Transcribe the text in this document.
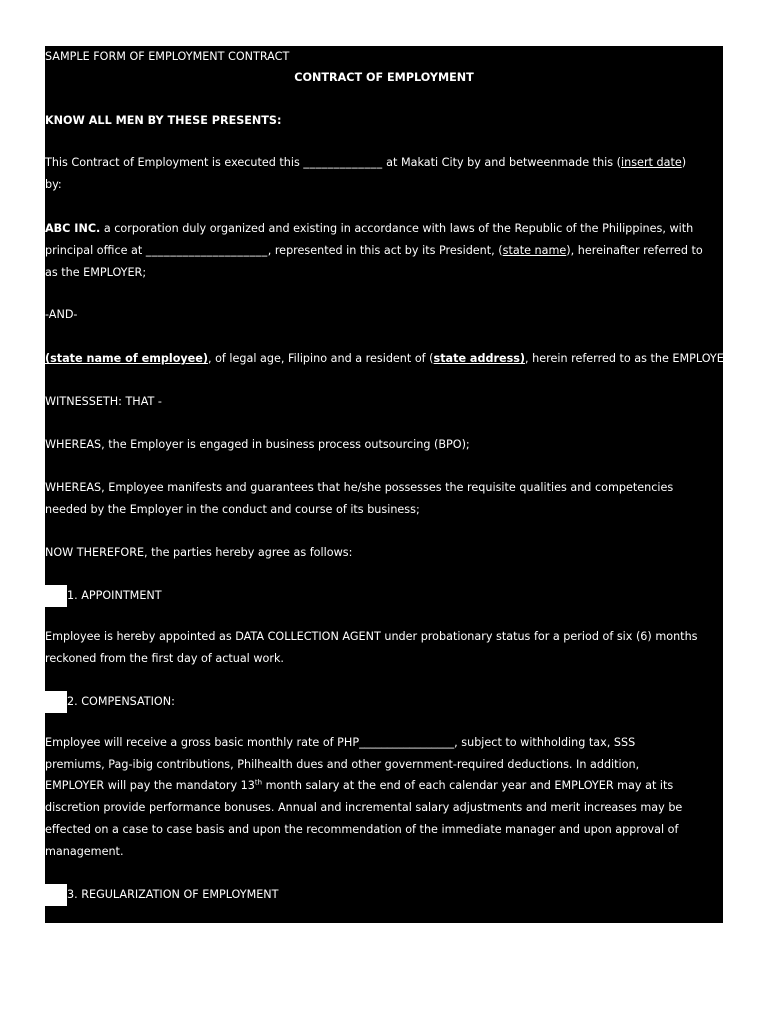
SAMPLE FORM OF EMPLOYMENT CONTRACT

CONTRACT OF EMPLOYMENT

KNOW ALL MEN BY THESE PRESENTS:

This Contract of Employment is executed this _____________ at Makati City by and betweenmade this (insert date)

by:

ABC INC. a corporation duly organized and existing in accordance with laws of the Republic of the Philippines, with

principal office at ____________________, represented in this act by its President, (state name), hereinafter referred to

as the EMPLOYER;

-AND-

(state name of employee), of legal age, Filipino and a resident of (state address), herein referred to as the EMPLOYEE.

WITNESSETH: THAT -

WHEREAS, the Employer is engaged in business process outsourcing (BPO);

WHEREAS, Employee manifests and guarantees that he/she possesses the requisite qualities and competencies

needed by the Employer in the conduct and course of its business;

NOW THEREFORE, the parties hereby agree as follows:

1. APPOINTMENT

Employee is hereby appointed as DATA COLLECTION AGENT under probationary status for a period of six (6) months

reckoned from the first day of actual work.

2. COMPENSATION:

Employee will receive a gross basic monthly rate of PHP_________________, subject to withholding tax, SSS

premiums, Pag-ibig contributions, Philhealth dues and other government-required deductions. In addition,

EMPLOYER will pay the mandatory 13th month salary at the end of each calendar year and EMPLOYER may at its

discretion provide performance bonuses. Annual and incremental salary adjustments and merit increases may be

effected on a case to case basis and upon the recommendation of the immediate manager and upon approval of

management.

3. REGULARIZATION OF EMPLOYMENT
